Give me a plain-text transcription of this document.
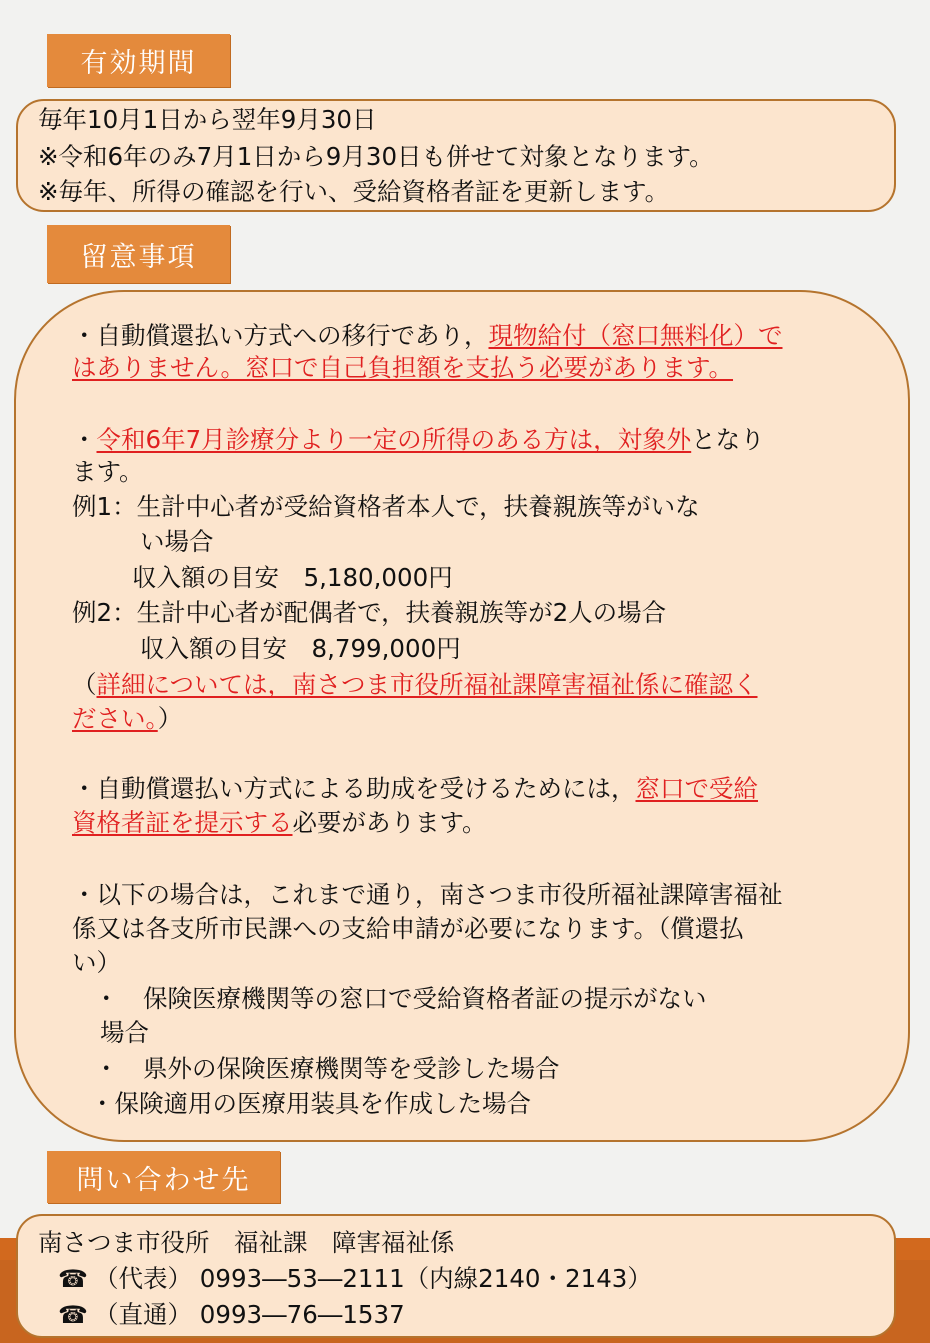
有効期間
毎年10月1日から翌年9月30日
※令和6年のみ7月1日から9月30日も併せて対象となります。
※毎年、所得の確認を行い、受給資格者証を更新します。
留意事項
・自動償還払い方式への移行であり，現物給付（窓口無料化）で
はありません。窓口で自己負担額を支払う必要があります。
・令和6年7月診療分より一定の所得のある方は，対象外となり
ます。
例1：生計中心者が受給資格者本人で，扶養親族等がいな
い場合
収入額の目安　5,180,000円
例2：生計中心者が配偶者で，扶養親族等が2人の場合
収入額の目安　8,799,000円
（詳細については，南さつま市役所福祉課障害福祉係に確認く
ださい。）
・自動償還払い方式による助成を受けるためには，窓口で受給
資格者証を提示する必要があります。
・以下の場合は，これまで通り，南さつま市役所福祉課障害福祉
係又は各支所市民課への支給申請が必要になります。（償還払
い）
・　保険医療機関等の窓口で受給資格者証の提示がない
場合
・　県外の保険医療機関等を受診した場合
・保険適用の医療用装具を作成した場合
問い合わせ先
南さつま市役所　福祉課　障害福祉係
☎ （代表） 0993―53―2111（内線2140・2143）
☎ （直通） 0993―76―1537
